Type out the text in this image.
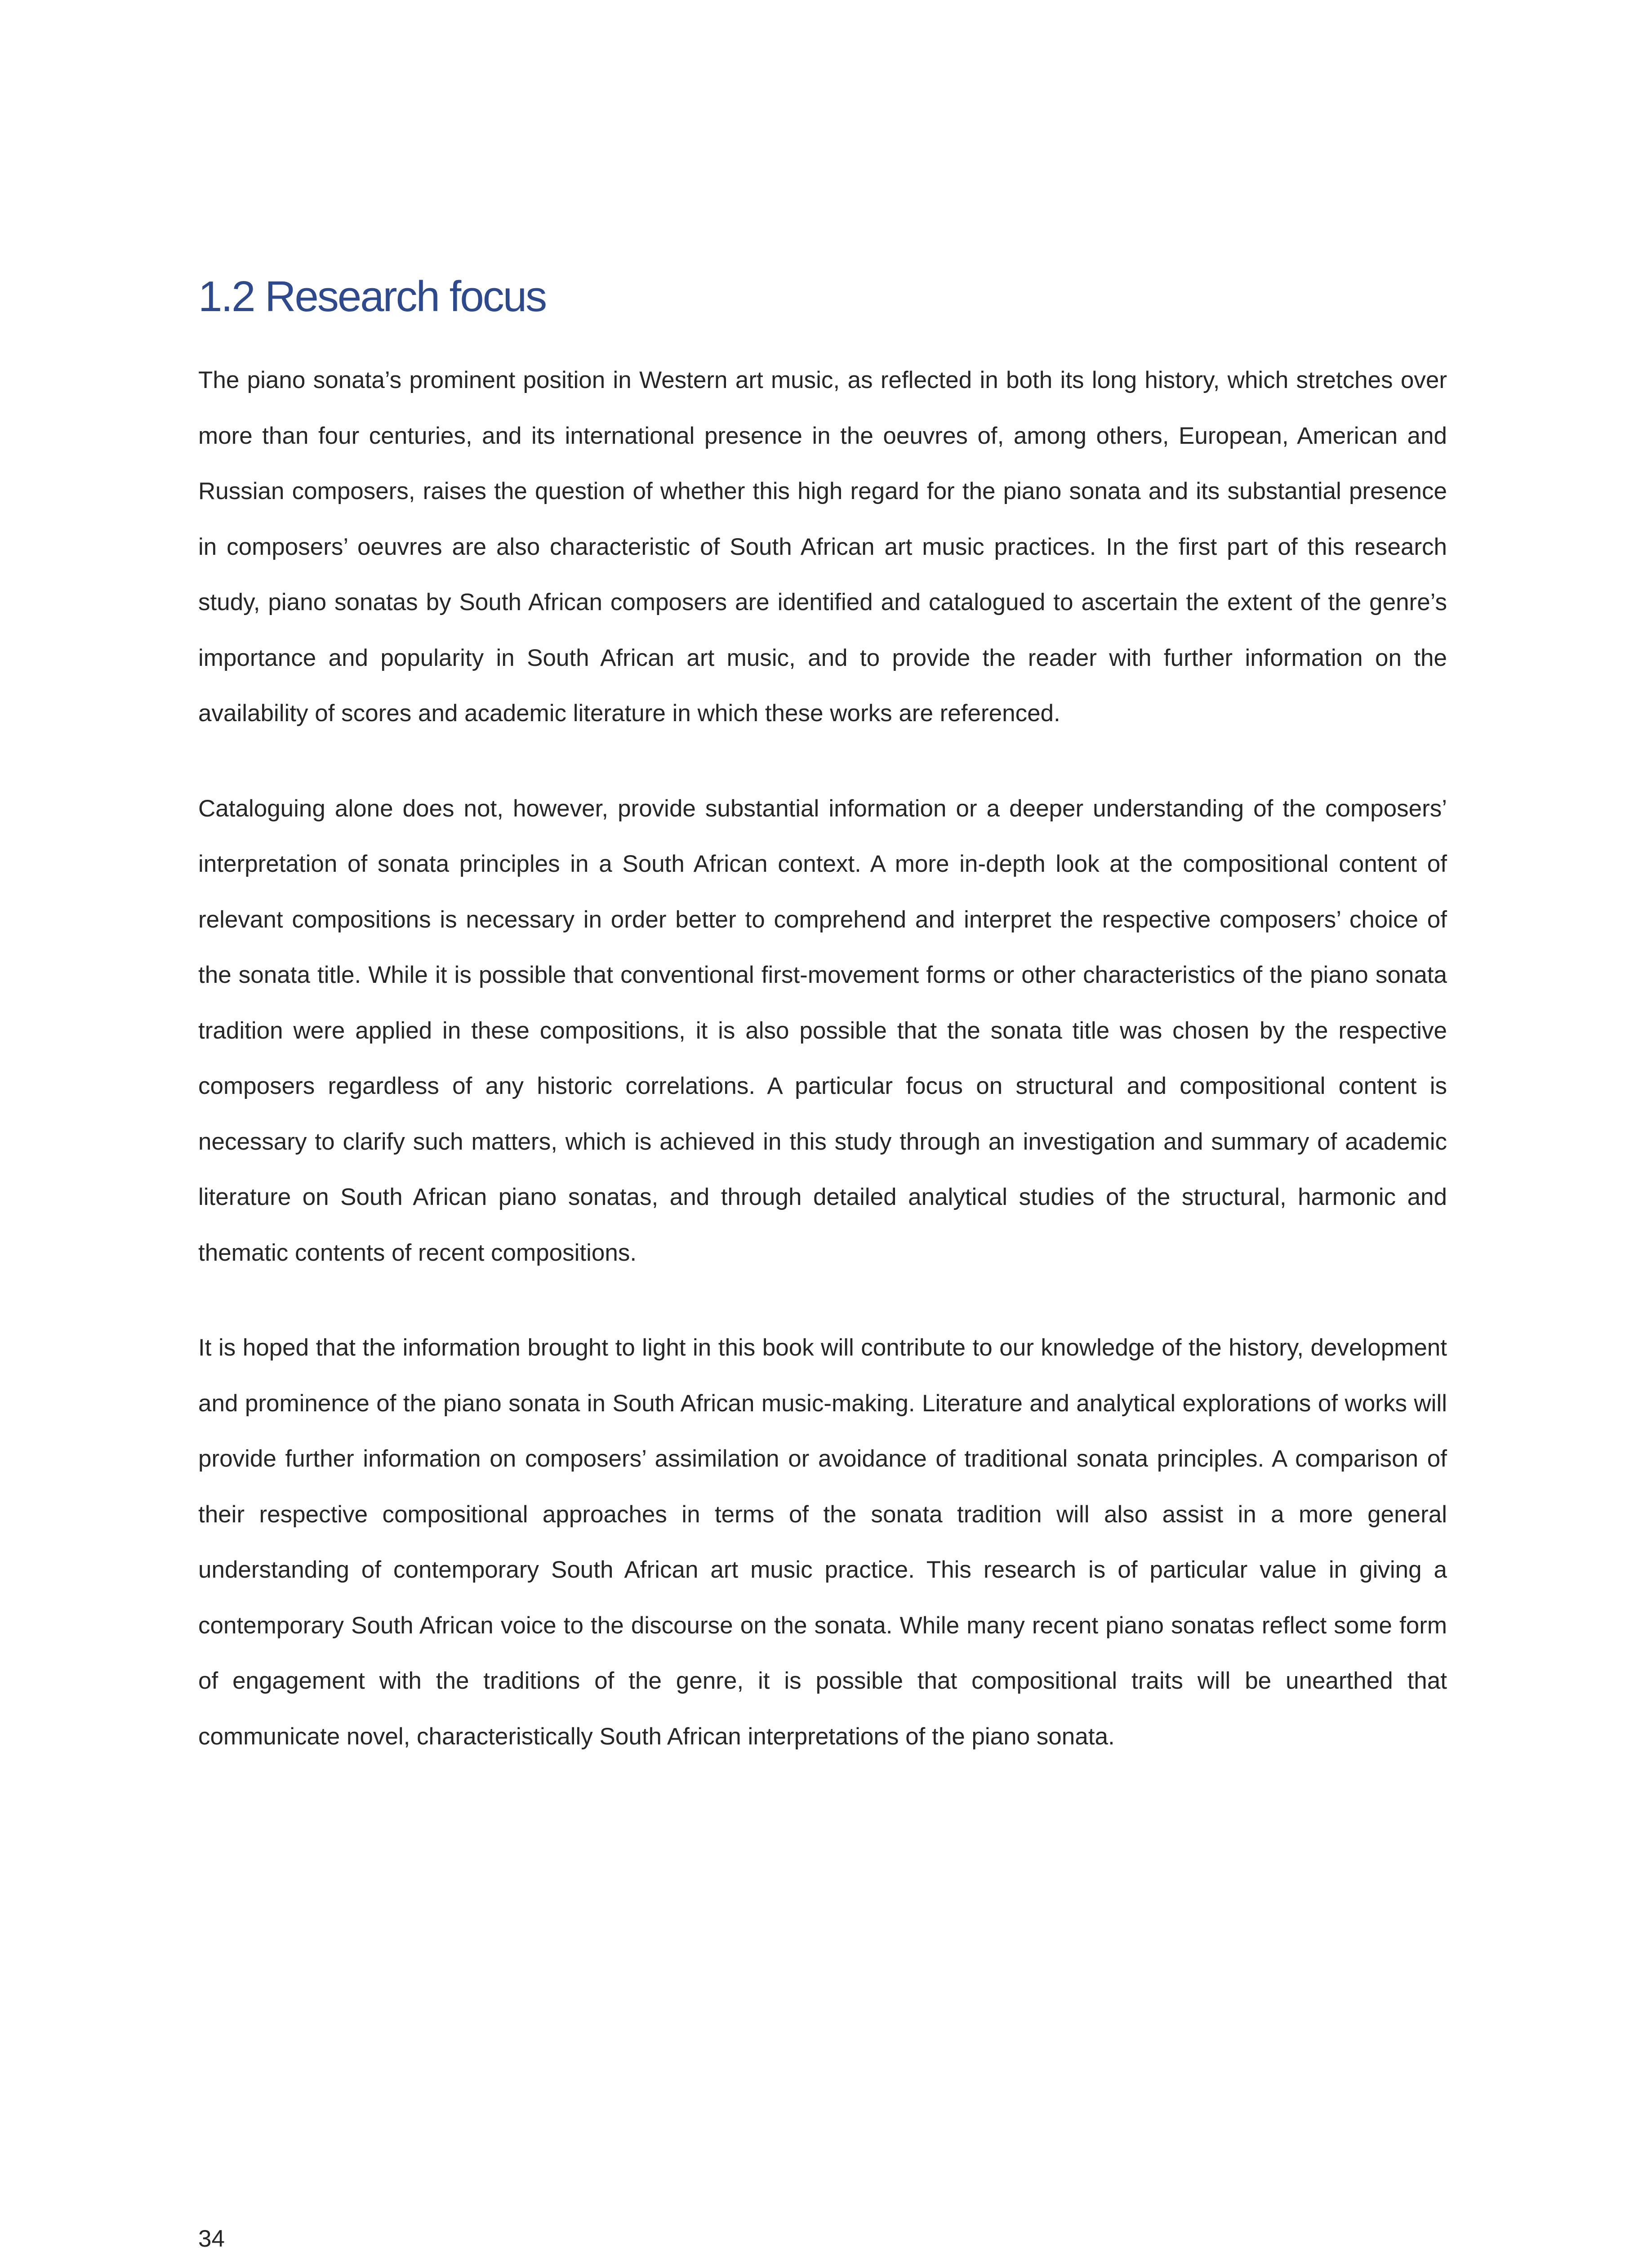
1.2 Research focus

The piano sonata’s prominent position in Western art music, as reflected in both its long history, which stretches over more than four centuries, and its international presence in the oeuvres of, among others, European, American and Russian composers, raises the question of whether this high regard for the piano sonata and its substantial presence in composers’ oeuvres are also characteristic of South African art music practices. In the first part of this research study, piano sonatas by South African composers are identified and catalogued to ascertain the extent of the genre’s importance and popularity in South African art music, and to provide the reader with further information on the availability of scores and academic literature in which these works are referenced.

Cataloguing alone does not, however, provide substantial information or a deeper understanding of the composers’ interpretation of sonata principles in a South African context. A more in-depth look at the compositional content of relevant compositions is necessary in order better to comprehend and interpret the respective composers’ choice of the sonata title. While it is possible that conventional first-movement forms or other characteristics of the piano sonata tradition were applied in these compositions, it is also possible that the sonata title was chosen by the respective composers regardless of any historic correlations. A particular focus on structural and compositional content is necessary to clarify such matters, which is achieved in this study through an investigation and summary of academic literature on South African piano sonatas, and through detailed analytical studies of the structural, harmonic and thematic contents of recent compositions.

It is hoped that the information brought to light in this book will contribute to our knowledge of the history, development and prominence of the piano sonata in South African music-making. Literature and analytical explorations of works will provide further information on composers’ assimilation or avoidance of traditional sonata principles. A comparison of their respective compositional approaches in terms of the sonata tradition will also assist in a more general understanding of contemporary South African art music practice. This research is of particular value in giving a contemporary South African voice to the discourse on the sonata. While many recent piano sonatas reflect some form of engagement with the traditions of the genre, it is possible that compositional traits will be unearthed that communicate novel, characteristically South African interpretations of the piano sonata.

34
